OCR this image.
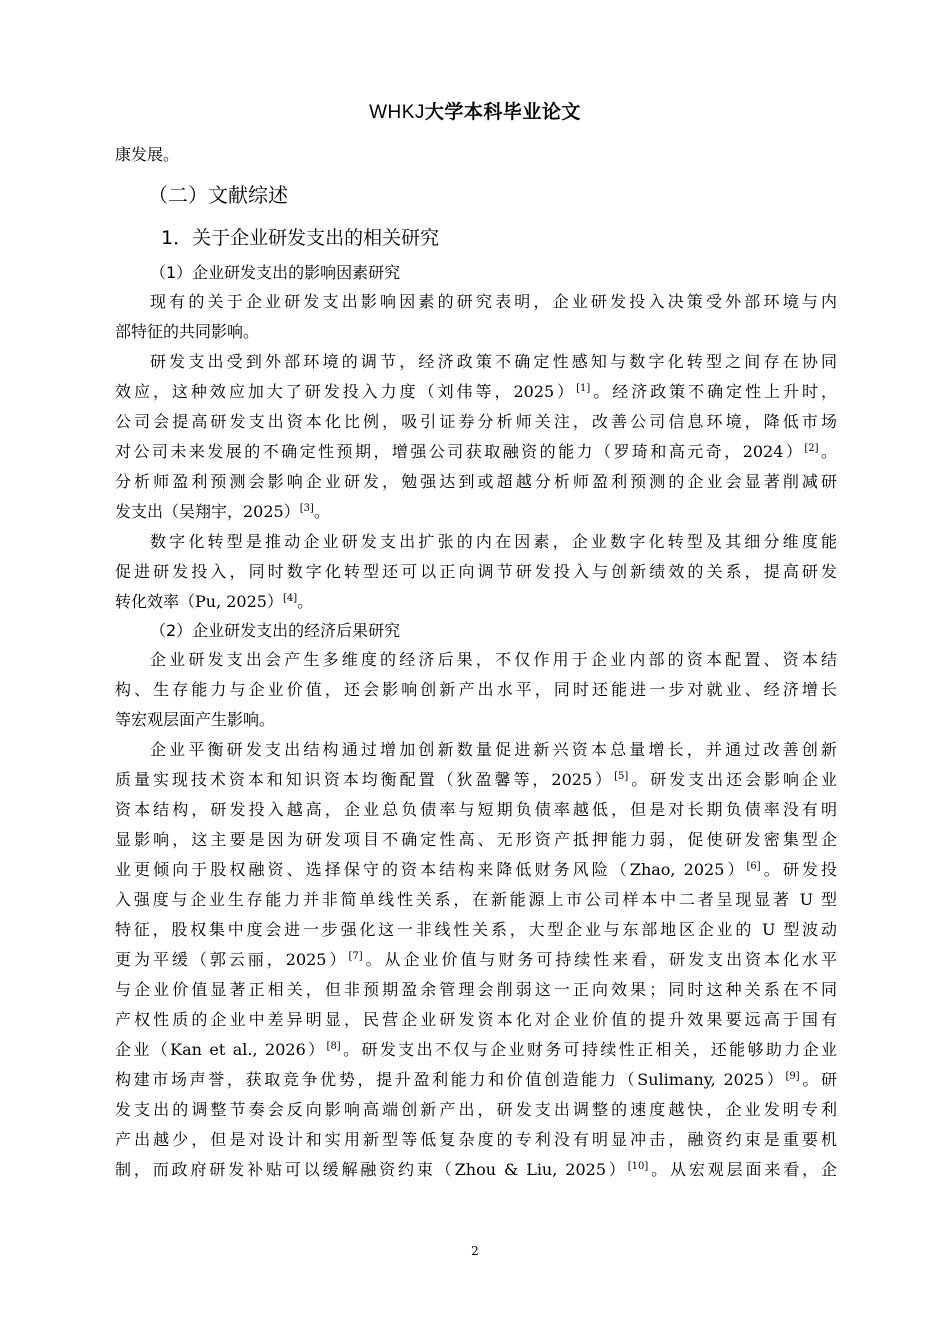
WHKJ大学本科毕业论文
康发展。
（二）文献综述
1．关于企业研发支出的相关研究
（1）企业研发支出的影响因素研究
现有的关于企业研发支出影响因素的研究表明，企业研发投入决策受外部环境与内
部特征的共同影响。
研发支出受到外部环境的调节，经济政策不确定性感知与数字化转型之间存在协同
效应，这种效应加大了研发投入力度（刘伟等，2025）[1]。经济政策不确定性上升时，
公司会提高研发支出资本化比例，吸引证券分析师关注，改善公司信息环境，降低市场
对公司未来发展的不确定性预期，增强公司获取融资的能力（罗琦和高元奇，2024）[2]。
分析师盈利预测会影响企业研发，勉强达到或超越分析师盈利预测的企业会显著削减研
发支出（吴翔宇，2025）[3]。
数字化转型是推动企业研发支出扩张的内在因素，企业数字化转型及其细分维度能
促进研发投入，同时数字化转型还可以正向调节研发投入与创新绩效的关系，提高研发
转化效率（Pu, 2025）[4]。
（2）企业研发支出的经济后果研究
企业研发支出会产生多维度的经济后果，不仅作用于企业内部的资本配置、资本结
构、生存能力与企业价值，还会影响创新产出水平，同时还能进一步对就业、经济增长
等宏观层面产生影响。
企业平衡研发支出结构通过增加创新数量促进新兴资本总量增长，并通过改善创新
质量实现技术资本和知识资本均衡配置（狄盈馨等，2025）[5]。研发支出还会影响企业
资本结构，研发投入越高，企业总负债率与短期负债率越低，但是对长期负债率没有明
显影响，这主要是因为研发项目不确定性高、无形资产抵押能力弱，促使研发密集型企
业更倾向于股权融资、选择保守的资本结构来降低财务风险（Zhao, 2025）[6]。研发投
入强度与企业生存能力并非简单线性关系，在新能源上市公司样本中二者呈现显著 U 型
特征，股权集中度会进一步强化这一非线性关系，大型企业与东部地区企业的 U 型波动
更为平缓（郭云丽，2025）[7]。从企业价值与财务可持续性来看，研发支出资本化水平
与企业价值显著正相关，但非预期盈余管理会削弱这一正向效果；同时这种关系在不同
产权性质的企业中差异明显，民营企业研发资本化对企业价值的提升效果要远高于国有
企业（Kan et al., 2026）[8]。研发支出不仅与企业财务可持续性正相关，还能够助力企业
构建市场声誉，获取竞争优势，提升盈利能力和价值创造能力（Sulimany, 2025）[9]。研
发支出的调整节奏会反向影响高端创新产出，研发支出调整的速度越快，企业发明专利
产出越少，但是对设计和实用新型等低复杂度的专利没有明显冲击，融资约束是重要机
制，而政府研发补贴可以缓解融资约束（Zhou & Liu, 2025）[10]。从宏观层面来看，企
2
